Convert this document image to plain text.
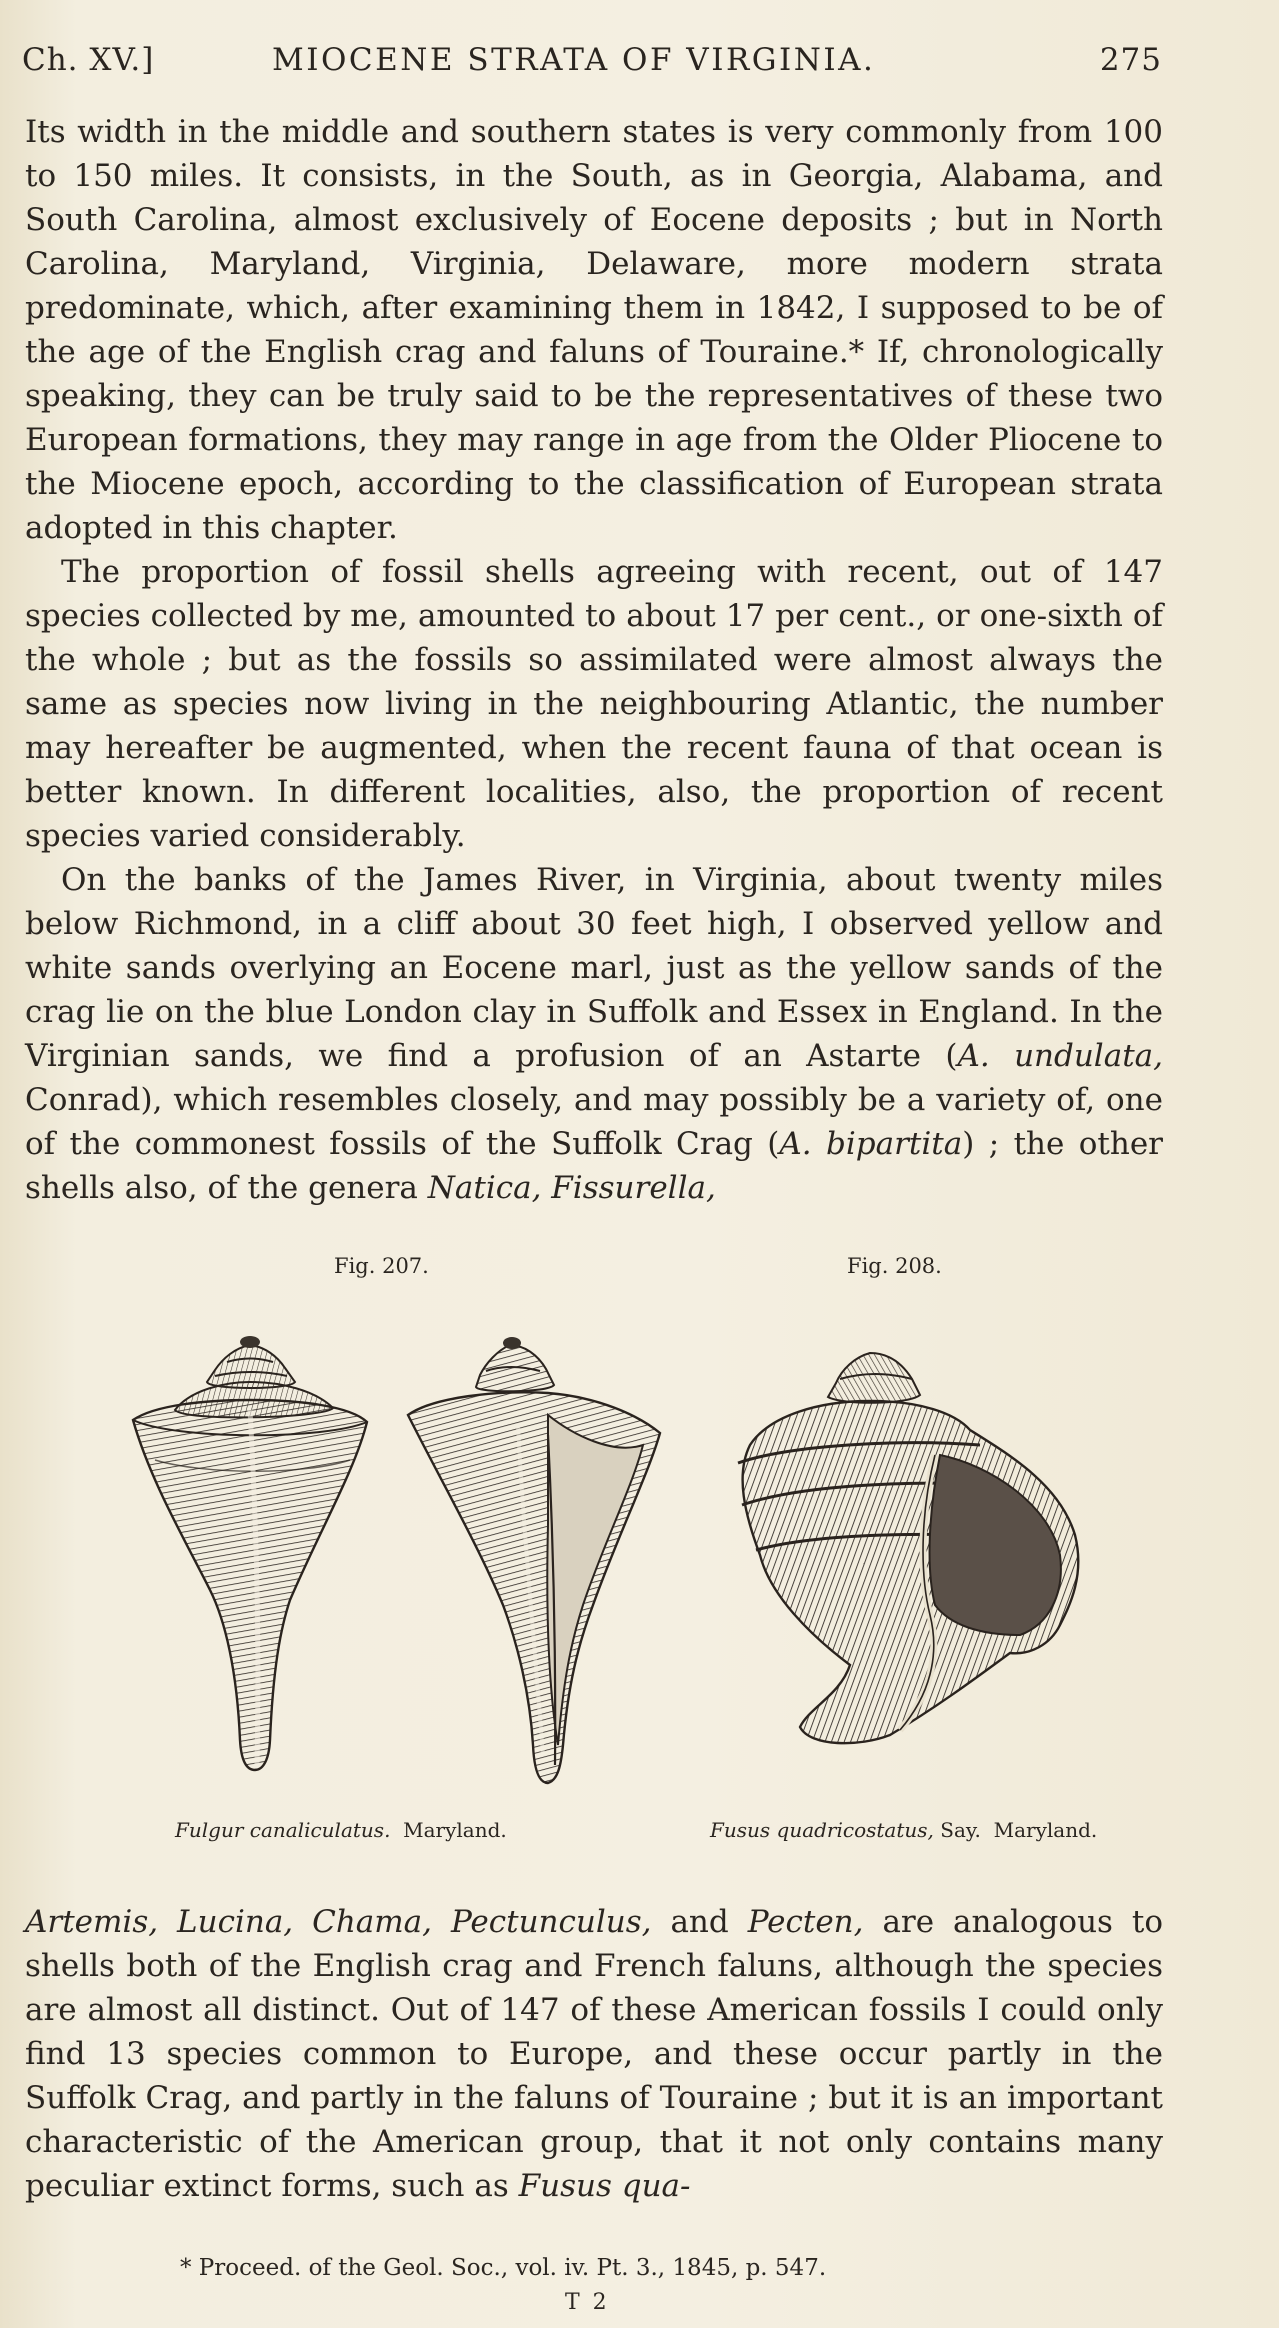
Ch. XV.]	MIOCENE STRATA OF VIRGINIA.	275

Its width in the middle and southern states is very commonly from 100 to 150 miles. It consists, in the South, as in Georgia, Alabama, and South Carolina, almost exclusively of Eocene deposits ; but in North Carolina, Maryland, Virginia, Delaware, more modern strata predominate, which, after examining them in 1842, I supposed to be of the age of the English crag and faluns of Touraine.* If, chronologically speaking, they can be truly said to be the representatives of these two European formations, they may range in age from the Older Pliocene to the Miocene epoch, according to the classification of European strata adopted in this chapter.

The proportion of fossil shells agreeing with recent, out of 147 species collected by me, amounted to about 17 per cent., or one-sixth of the whole ; but as the fossils so assimilated were almost always the same as species now living in the neighbouring Atlantic, the number may hereafter be augmented, when the recent fauna of that ocean is better known. In different localities, also, the proportion of recent species varied considerably.

On the banks of the James River, in Virginia, about twenty miles below Richmond, in a cliff about 30 feet high, I observed yellow and white sands overlying an Eocene marl, just as the yellow sands of the crag lie on the blue London clay in Suffolk and Essex in England. In the Virginian sands, we find a profusion of an Astarte (A. undulata, Conrad), which resembles closely, and may possibly be a variety of, one of the commonest fossils of the Suffolk Crag (A. bipartita) ; the other shells also, of the genera Natica, Fissurella,

Fig. 207.	Fig. 208.
Fulgur canaliculatus. Maryland.	Fusus quadricostatus, Say. Maryland.

Artemis, Lucina, Chama, Pectunculus, and Pecten, are analogous to shells both of the English crag and French faluns, although the species are almost all distinct. Out of 147 of these American fossils I could only find 13 species common to Europe, and these occur partly in the Suffolk Crag, and partly in the faluns of Touraine ; but it is an important characteristic of the American group, that it not only contains many peculiar extinct forms, such as Fusus qua-

* Proceed. of the Geol. Soc., vol. iv. Pt. 3., 1845, p. 547.
T 2
